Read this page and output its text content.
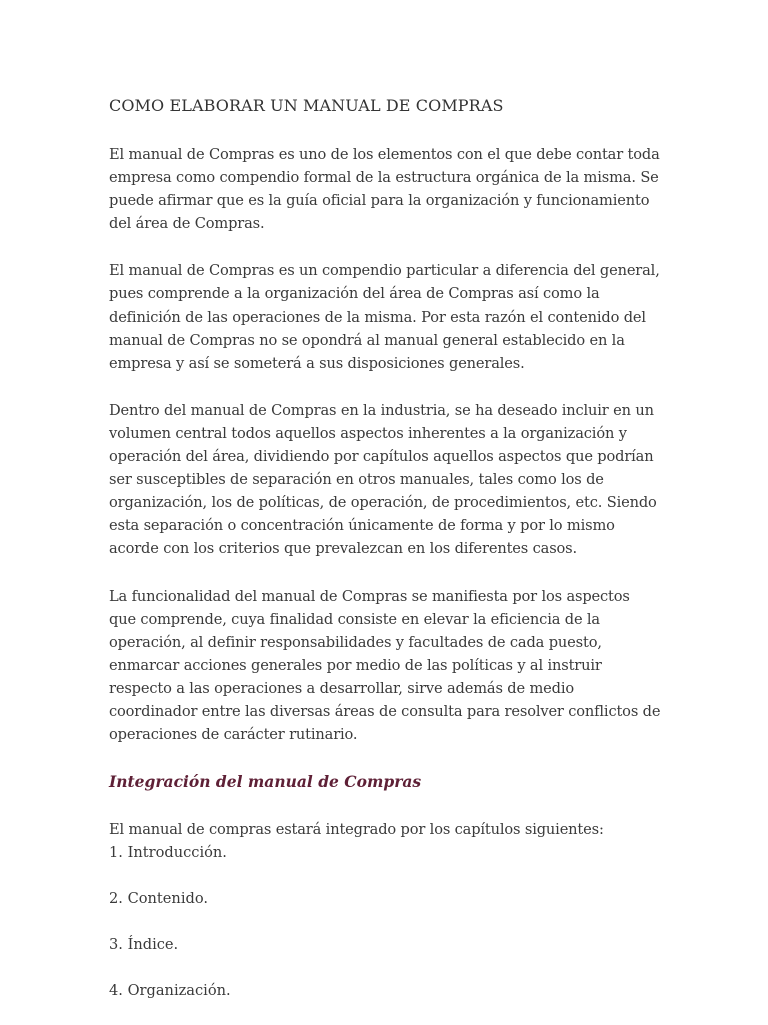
COMO ELABORAR UN MANUAL DE COMPRAS

El manual de Compras es uno de los elementos con el que debe contar toda empresa como compendio formal de la estructura orgánica de la misma. Se puede afirmar que es la guía oficial para la organización y funcionamiento del área de Compras.

El manual de Compras es un compendio particular a diferencia del general, pues comprende a la organización del área de Compras así como la definición de las operaciones de la misma. Por esta razón el contenido del manual de Compras no se opondrá al manual general establecido en la empresa y así se someterá a sus disposiciones generales.

Dentro del manual de Compras en la industria, se ha deseado incluir en un volumen central todos aquellos aspectos inherentes a la organización y operación del área, dividiendo por capítulos aquellos aspectos que podrían ser susceptibles de separación en otros manuales, tales como los de organización, los de políticas, de operación, de procedimientos, etc. Siendo esta separación o concentración únicamente de forma y por lo mismo acorde con los criterios que prevalezcan en los diferentes casos.

La funcionalidad del manual de Compras se manifiesta por los aspectos que comprende, cuya finalidad consiste en elevar la eficiencia de la operación, al definir responsabilidades y facultades de cada puesto, enmarcar acciones generales por medio de las políticas y al instruir respecto a las operaciones a desarrollar, sirve además de medio coordinador entre las diversas áreas de consulta para resolver conflictos de operaciones de carácter rutinario.

Integración del manual de Compras

El manual de compras estará integrado por los capítulos siguientes:

1. Introducción.
2. Contenido.
3. Índice.
4. Organización.
